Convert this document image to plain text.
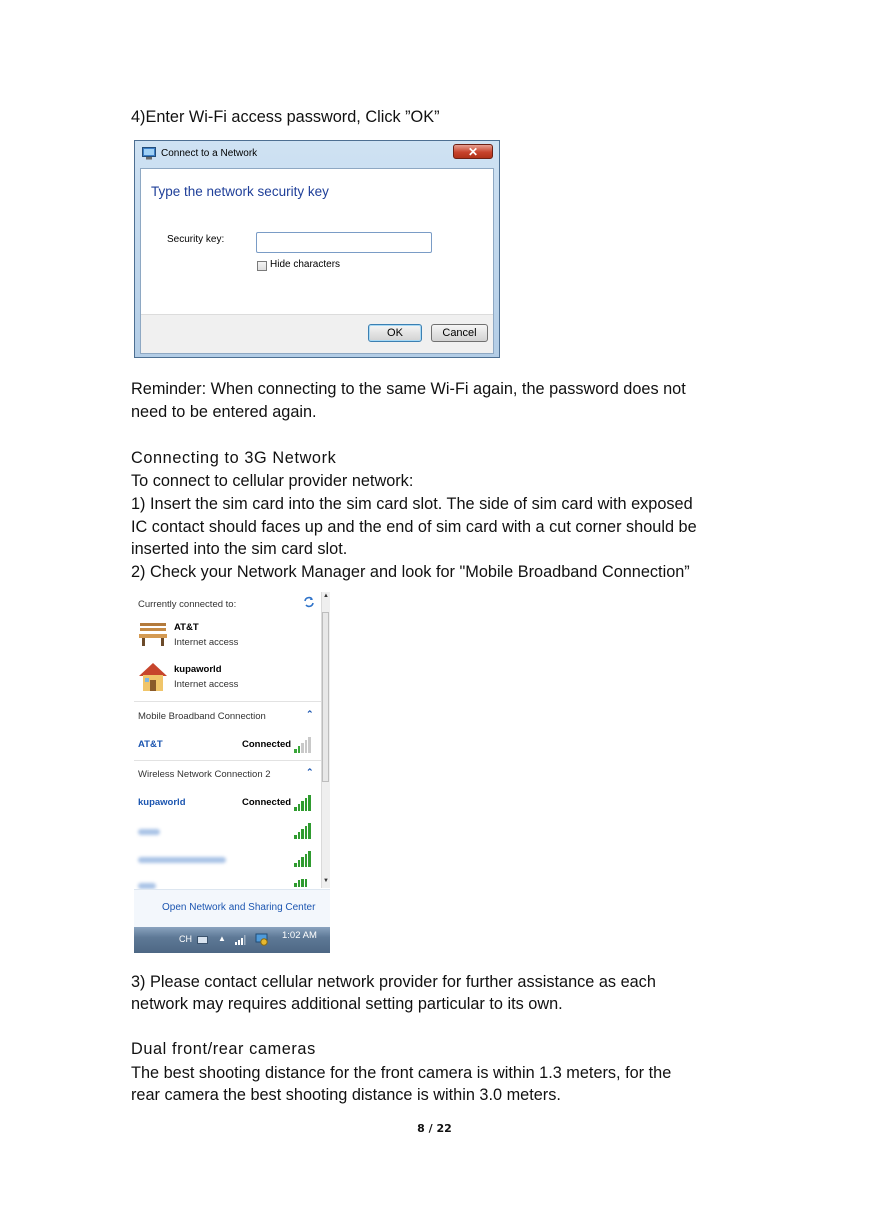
4)Enter Wi-Fi access password, Click ”OK”

Connect to a Network	✕
Type the network security key
Security key:
Hide characters
OK	Cancel

Reminder: When connecting to the same Wi-Fi again, the password does not

need to be entered again.

Connecting to 3G Network

To connect to cellular provider network:

1) Insert the sim card into the sim card slot. The side of sim card with exposed

IC contact should faces up and the end of sim card with a cut corner should be

inserted into the sim card slot.

2) Check your Network Manager and look for "Mobile Broadband Connection”

Currently connected to:
AT&T
Internet access
kupaworld
Internet access
Mobile Broadband Connection	⌃
AT&T	Connected
Wireless Network Connection 2	⌃
kupaworld	Connected
▲
▼
Open Network and Sharing Center
CH	▲	1:02 AM

3) Please contact cellular network provider for further assistance as each

network may requires additional setting particular to its own.

Dual front/rear cameras

The best shooting distance for the front camera is within 1.3 meters, for the

rear camera the best shooting distance is within 3.0 meters.

8 / 22
